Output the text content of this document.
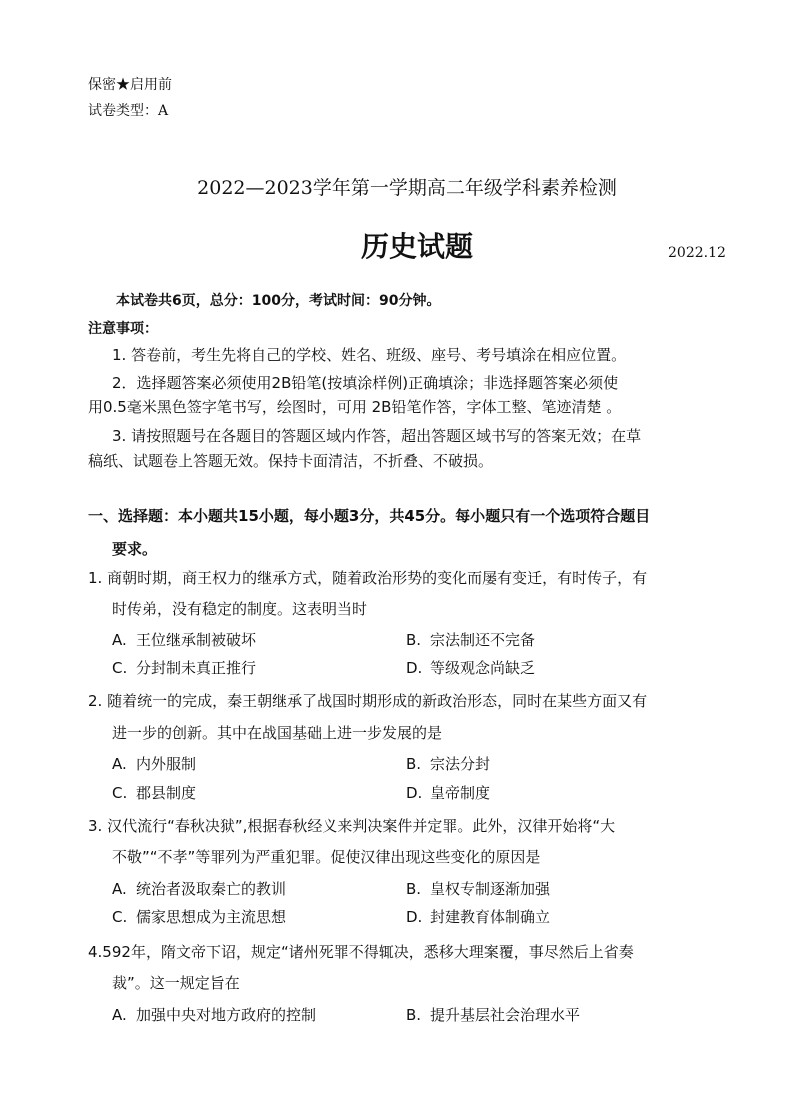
保密★启用前
试卷类型：A
2022—2023学年第一学期高二年级学科素养检测
历史试题	2022.12
本试卷共6页，总分：100分，考试时间：90分钟。
注意事项：
1. 答卷前，考生先将自己的学校、姓名、班级、座号、考号填涂在相应位置。
2．选择题答案必须使用2B铅笔(按填涂样例)正确填涂；非选择题答案必须使
用0.5毫米黑色签字笔书写，绘图时，可用 2B铅笔作答，字体工整、笔迹清楚 。
3. 请按照题号在各题目的答题区域内作答，超出答题区域书写的答案无效；在草
稿纸、试题卷上答题无效。保持卡面清洁，不折叠、不破损。
一、选择题：本小题共15小题，每小题3分，共45分。每小题只有一个选项符合题目
要求。
1. 商朝时期，商王权力的继承方式，随着政治形势的变化而屡有变迁，有时传子，有
时传弟，没有稳定的制度。这表明当时
A. 王位继承制被破坏	B. 宗法制还不完备
C. 分封制未真正推行	D. 等级观念尚缺乏
2. 随着统一的完成，秦王朝继承了战国时期形成的新政治形态，同时在某些方面又有
进一步的创新。其中在战国基础上进一步发展的是
A. 内外服制	B. 宗法分封
C. 郡县制度	D. 皇帝制度
3. 汉代流行“春秋决狱”,根据春秋经义来判决案件并定罪。此外，汉律开始将“大
不敬”“不孝”等罪列为严重犯罪。促使汉律出现这些变化的原因是
A. 统治者汲取秦亡的教训	B. 皇权专制逐渐加强
C. 儒家思想成为主流思想	D. 封建教育体制确立
4.592年，隋文帝下诏，规定“诸州死罪不得辄决，悉移大理案覆，事尽然后上省奏
裁”。这一规定旨在
A. 加强中央对地方政府的控制	B. 提升基层社会治理水平
